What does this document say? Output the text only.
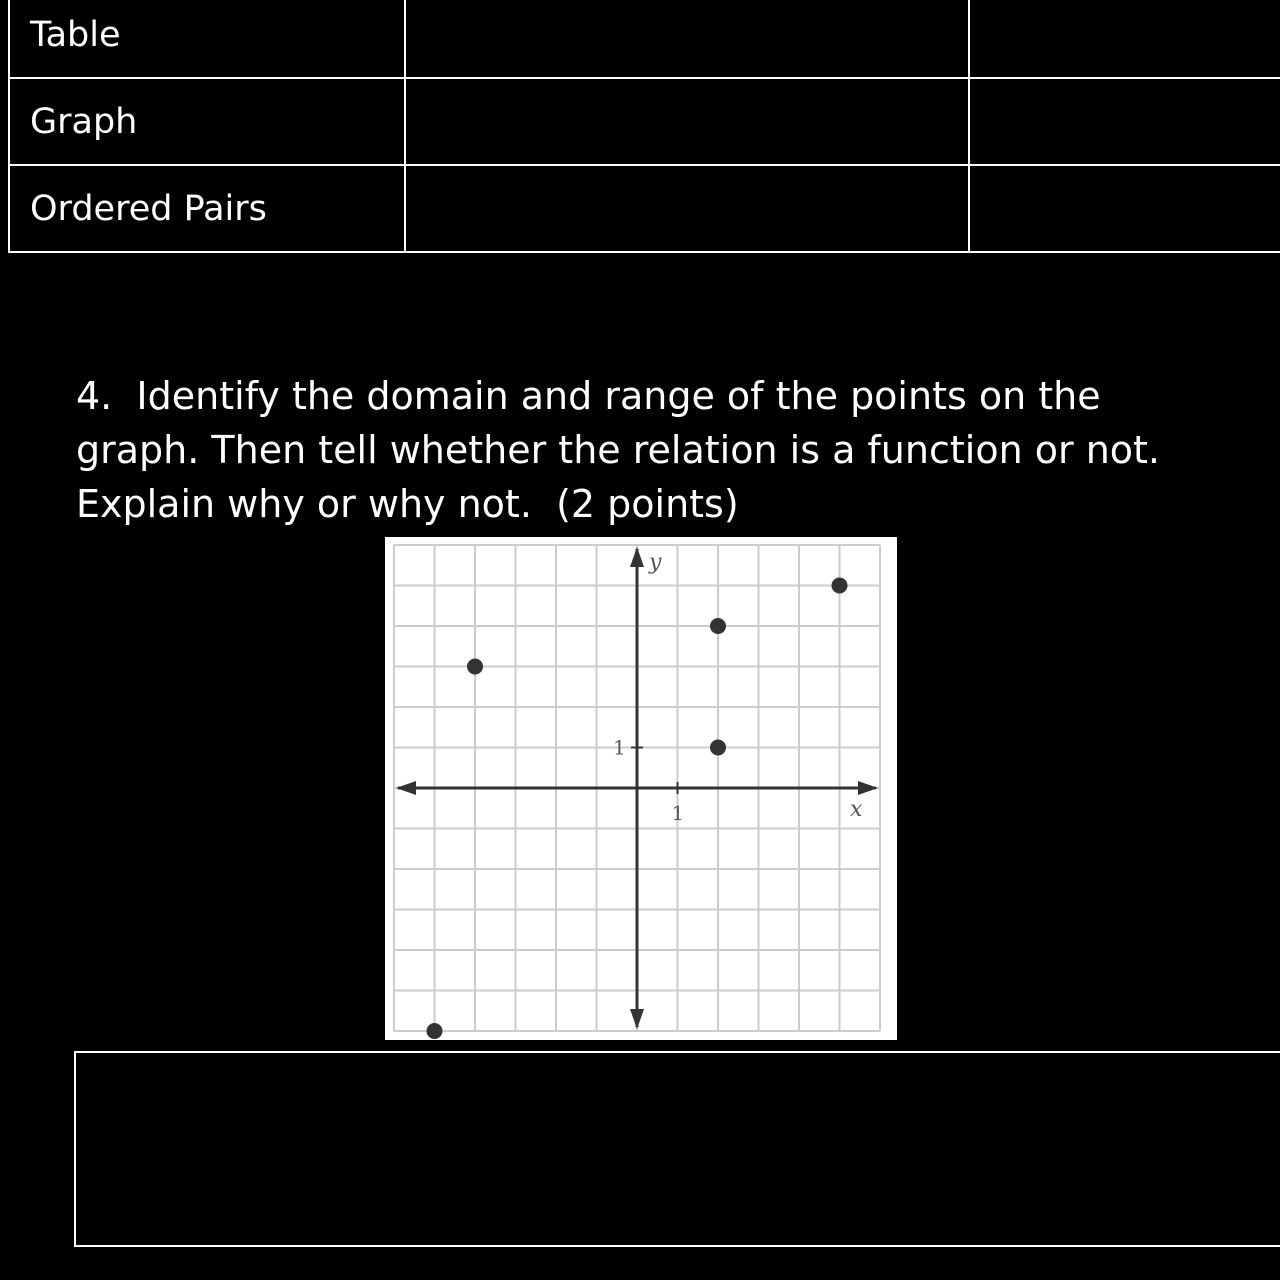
Table		
Graph		
Ordered Pairs		

4.  Identify the domain and range of the points on the graph. Then tell whether the relation is a function or not.  Explain why or why not.  (2 points)

x
y
1
1
